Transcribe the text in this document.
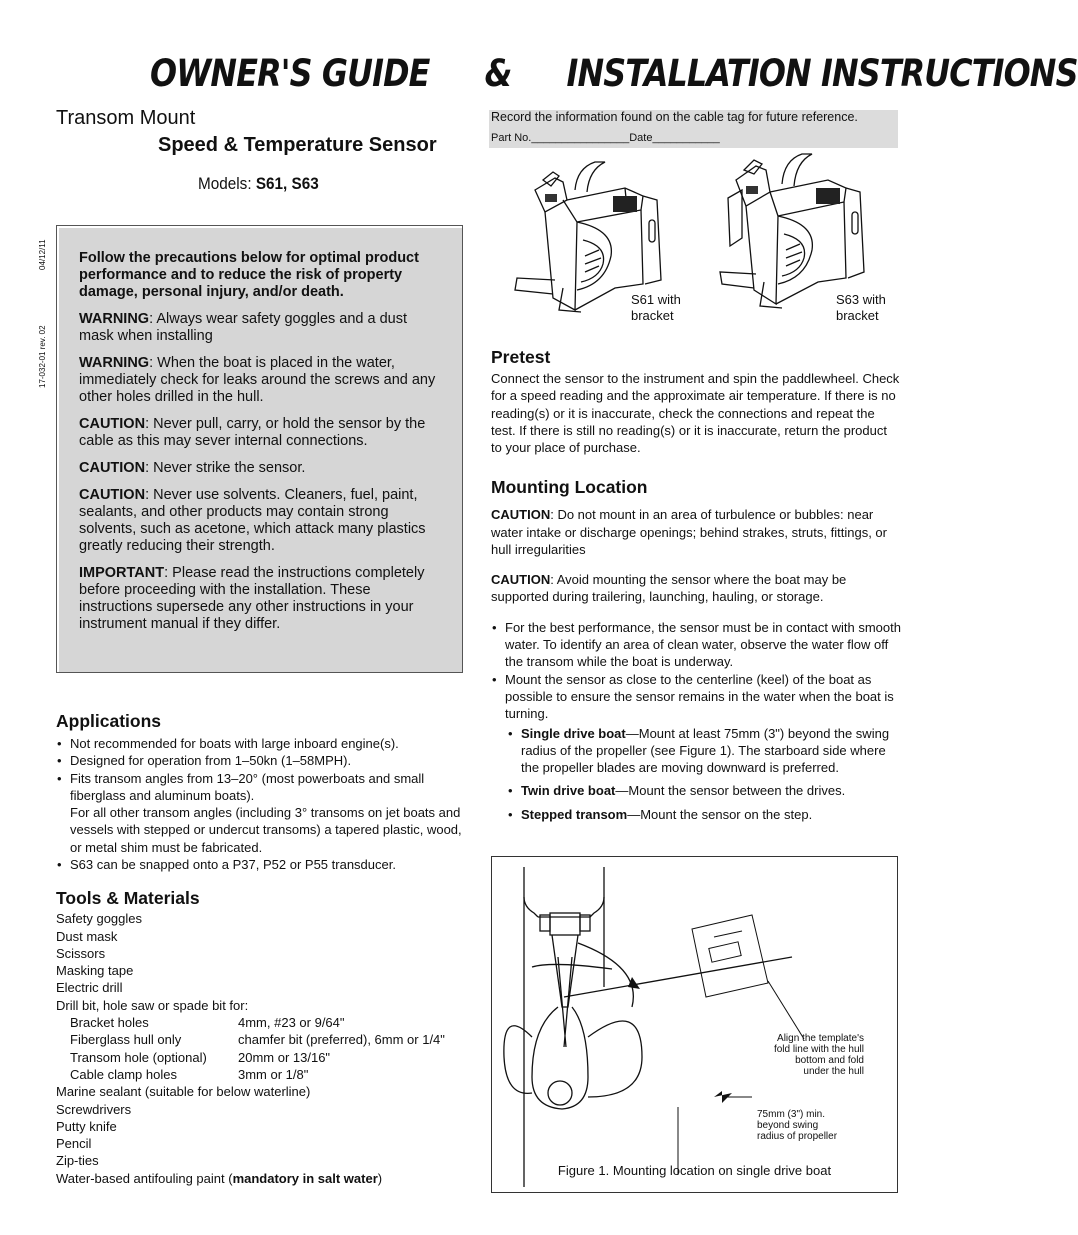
OWNER'S GUIDE & INSTALLATION INSTRUCTIONS
Transom Mount
Speed & Temperature Sensor
Models: S61, S63
04/12/11
17-032-01 rev. 02

Follow the precautions below for optimal product performance and to reduce the risk of property damage, personal injury, and/or death.

WARNING: Always wear safety goggles and a dust mask when installing

WARNING: When the boat is placed in the water, immediately check for leaks around the screws and any other holes drilled in the hull.

CAUTION: Never pull, carry, or hold the sensor by the cable as this may sever internal connections.

CAUTION: Never strike the sensor.

CAUTION: Never use solvents. Cleaners, fuel, paint, sealants, and other products may contain strong solvents, such as acetone, which attack many plastics greatly reducing their strength.

IMPORTANT: Please read the instructions completely before proceeding with the installation. These instructions supersede any other instructions in your instrument manual if they differ.

Applications
• Not recommended for boats with large inboard engine(s).
• Designed for operation from 1–50kn (1–58MPH).
• Fits transom angles from 13–20° (most powerboats and small fiberglass and aluminum boats).
For all other transom angles (including 3° transoms on jet boats and vessels with stepped or undercut transoms) a tapered plastic, wood, or metal shim must be fabricated.
• S63 can be snapped onto a P37, P52 or P55 transducer.
Tools & Materials
Safety goggles
Dust mask
Scissors
Masking tape
Electric drill
Drill bit, hole saw or spade bit for:
Bracket holes	4mm, #23 or 9/64"
Fiberglass hull only	chamfer bit (preferred), 6mm or 1/4"
Transom hole (optional) 20mm or 13/16"
Cable clamp holes	3mm or 1/8"
Marine sealant (suitable for below waterline)
Screwdrivers
Putty knife
Pencil
Zip-ties
Water-based antifouling paint (mandatory in salt water)
Record the information found on the cable tag for future reference.
Part No.________________Date___________
S61 with bracket
S63 with bracket
Pretest
Connect the sensor to the instrument and spin the paddlewheel. Check for a speed reading and the approximate air temperature. If there is no reading(s) or it is inaccurate, check the connections and repeat the test. If there is still no reading(s) or it is inaccurate, return the product to your place of purchase.
Mounting Location
CAUTION: Do not mount in an area of turbulence or bubbles: near water intake or discharge openings; behind strakes, struts, fittings, or hull irregularities
CAUTION: Avoid mounting the sensor where the boat may be supported during trailering, launching, hauling, or storage.
• For the best performance, the sensor must be in contact with smooth water. To identify an area of clean water, observe the water flow off the transom while the boat is underway.
• Mount the sensor as close to the centerline (keel) of the boat as possible to ensure the sensor remains in the water when the boat is turning.
• Single drive boat—Mount at least 75mm (3") beyond the swing radius of the propeller (see Figure 1). The starboard side where the propeller blades are moving downward is preferred.
• Twin drive boat—Mount the sensor between the drives.
• Stepped transom—Mount the sensor on the step.
Align the template's fold line with the hull bottom and fold under the hull
75mm (3") min. beyond swing radius of propeller
Figure 1. Mounting location on single drive boat
